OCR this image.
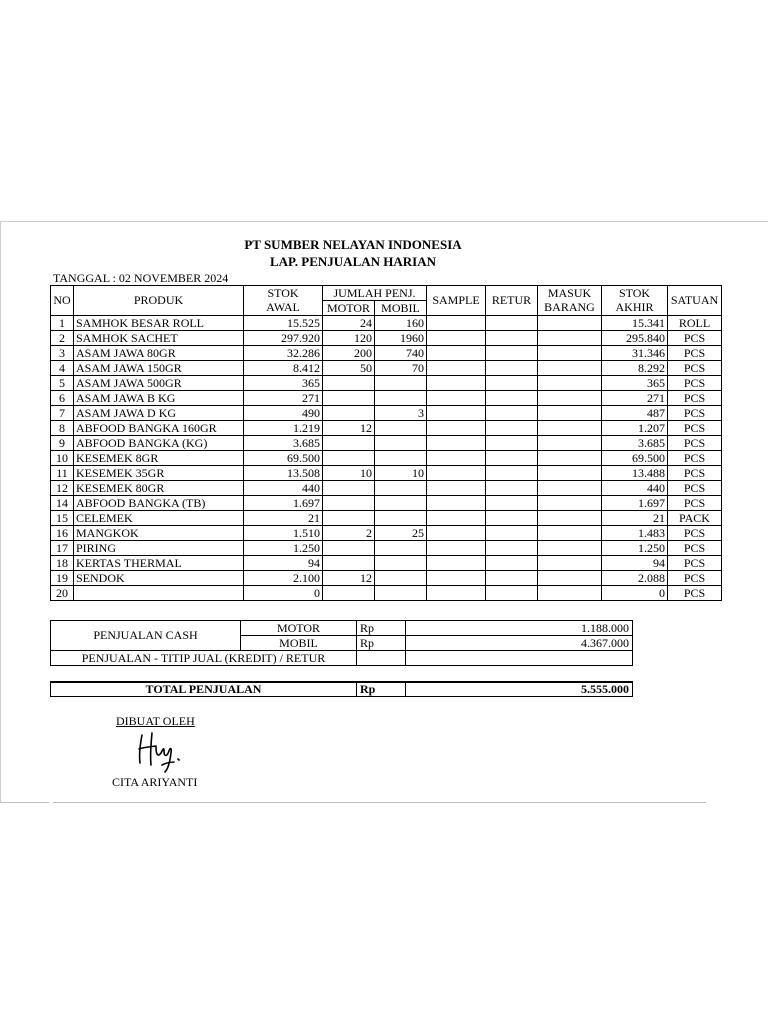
PT SUMBER NELAYAN INDONESIA
LAP. PENJUALAN HARIAN
TANGGAL : 02 NOVEMBER 2024
NO	PRODUK	STOK	JUMLAH PENJ.		SAMPLE	RETUR	MASUK	STOK	SATUAN
		AWAL	MOTOR	MOBIL			BARANG	AKHIR	
1	SAMHOK BESAR ROLL	15.525	24	160				15.341	ROLL
2	SAMHOK SACHET	297.920	120	1960				295.840	PCS
3	ASAM JAWA 80GR	32.286	200	740				31.346	PCS
4	ASAM JAWA 150GR	8.412	50	70				8.292	PCS
5	ASAM JAWA 500GR	365						365	PCS
6	ASAM JAWA B KG	271						271	PCS
7	ASAM JAWA D KG	490		3				487	PCS
8	ABFOOD BANGKA 160GR	1.219	12					1.207	PCS
9	ABFOOD BANGKA (KG)	3.685						3.685	PCS
10	KESEMEK 8GR	69.500						69.500	PCS
11	KESEMEK 35GR	13.508	10	10				13.488	PCS
12	KESEMEK 80GR	440						440	PCS
14	ABFOOD BANGKA (TB)	1.697						1.697	PCS
15	CELEMEK	21						21	PACK
16	MANGKOK	1.510	2	25				1.483	PCS
17	PIRING	1.250						1.250	PCS
18	KERTAS THERMAL	94						94	PCS
19	SENDOK	2.100	12					2.088	PCS
20		0						0	PCS
PENJUALAN CASH	MOTOR	Rp	1.188.000
	MOBIL	Rp	4.367.000
PENJUALAN - TITIP JUAL (KREDIT) / RETUR			
TOTAL PENJUALAN	Rp	5.555.000
DIBUAT OLEH
CITA ARIYANTI
